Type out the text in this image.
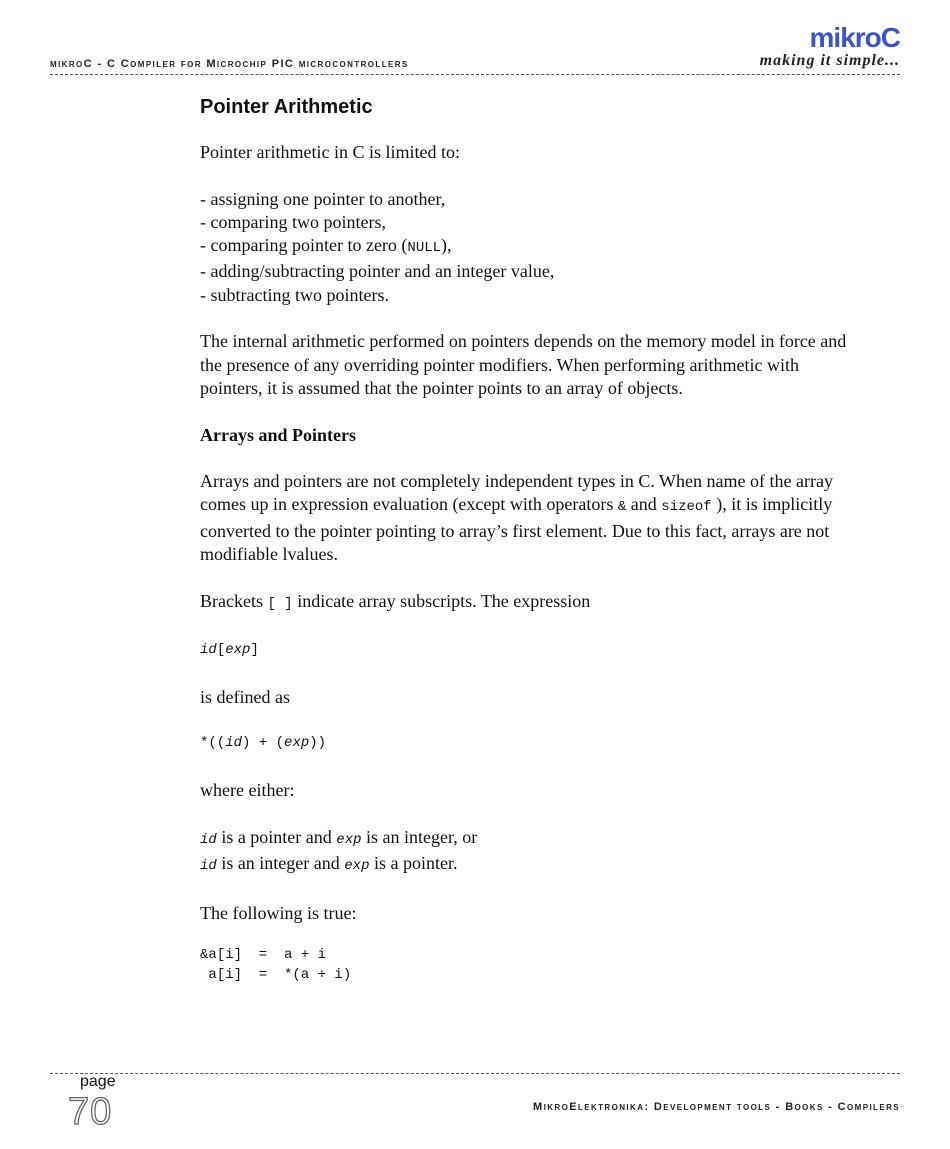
mikroC
making it simple...
mikroC - C Compiler for Microchip PIC microcontrollers
Pointer Arithmetic

Pointer arithmetic in C is limited to:

- assigning one pointer to another,

- comparing two pointers,

- comparing pointer to zero (NULL),

- adding/subtracting pointer and an integer value,

- subtracting two pointers.

The internal arithmetic performed on pointers depends on the memory model in force and the presence of any overriding pointer modifiers. When performing arithmetic with pointers, it is assumed that the pointer points to an array of objects.

Arrays and Pointers

Arrays and pointers are not completely independent types in C. When name of the array comes up in expression evaluation (except with operators & and sizeof ), it is implicitly converted to the pointer pointing to array’s first element. Due to this fact, arrays are not modifiable lvalues.

Brackets [ ] indicate array subscripts. The expression

id[exp]

is defined as

*((id) + (exp))

where either:

id is a pointer and exp is an integer, or

id is an integer and exp is a pointer.

The following is true:

&a[i]  =  a + i
a[i]  =  *(a + i)
page
70	MikroElektronika: Development tools - Books - Compilers
